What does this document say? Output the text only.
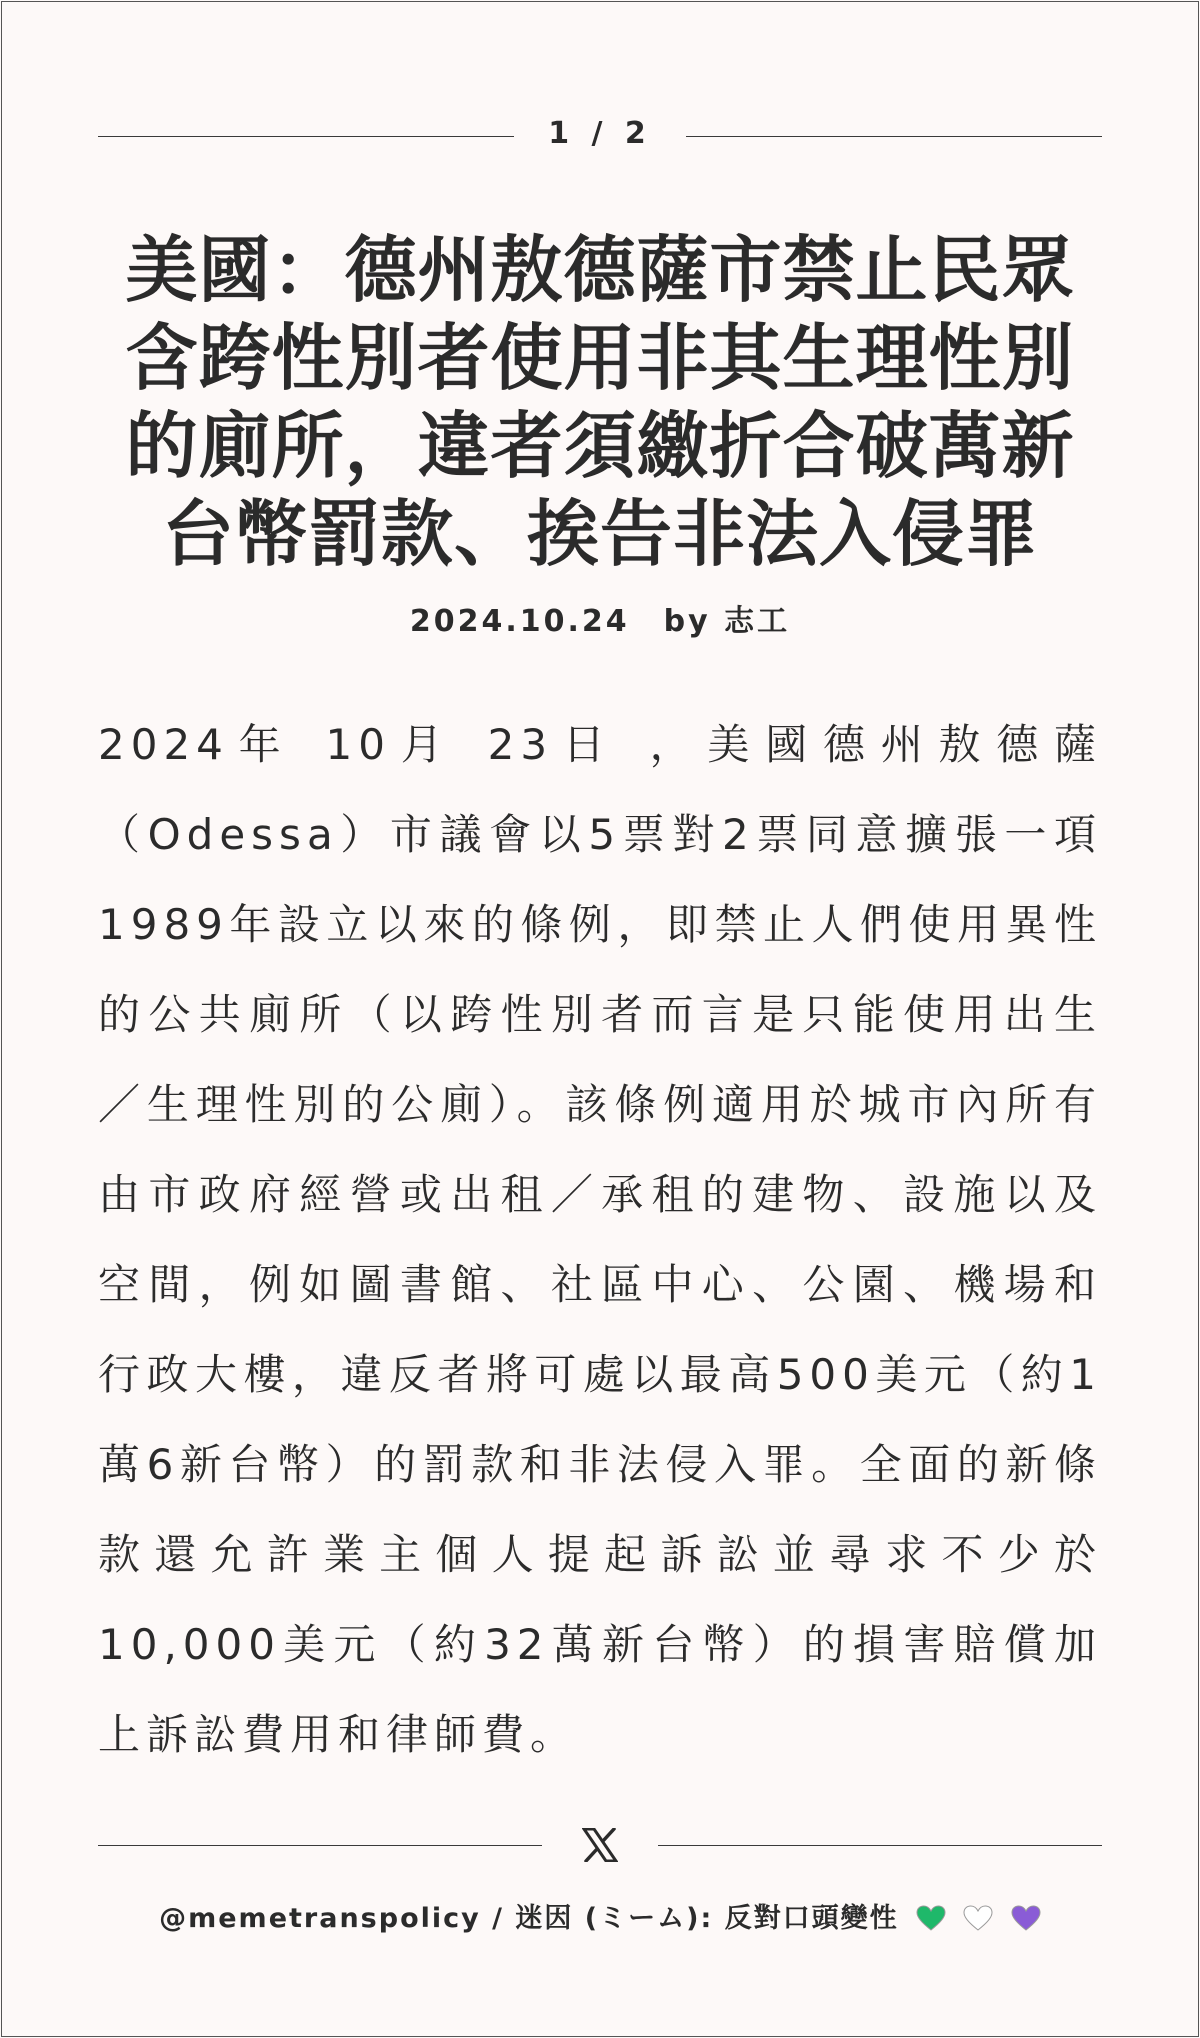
1 / 2
美國：德州敖德薩市禁止民眾含跨性別者使用非其生理性別的廁所，違者須繳折合破萬新台幣罰款、挨告非法入侵罪
2024.10.24 by 志工

2024年 10月 23日 ，美國德州敖德薩（Odessa）市議會以5票對2票同意擴張一項1989年設立以來的條例，即禁止人們使用異性的公共廁所（以跨性別者而言是只能使用出生／生理性別的公廁）。該條例適用於城市內所有由市政府經營或出租／承租的建物、設施以及空間，例如圖書館、社區中心、公園、機場和行政大樓，違反者將可處以最高500美元（約1萬6新台幣）的罰款和非法侵入罪。全面的新條款還允許業主個人提起訴訟並尋求不少於10,000美元（約32萬新台幣）的損害賠償加上訴訟費用和律師費。

@memetranspolicy / 迷因 (ミーム): 反對口頭變性
